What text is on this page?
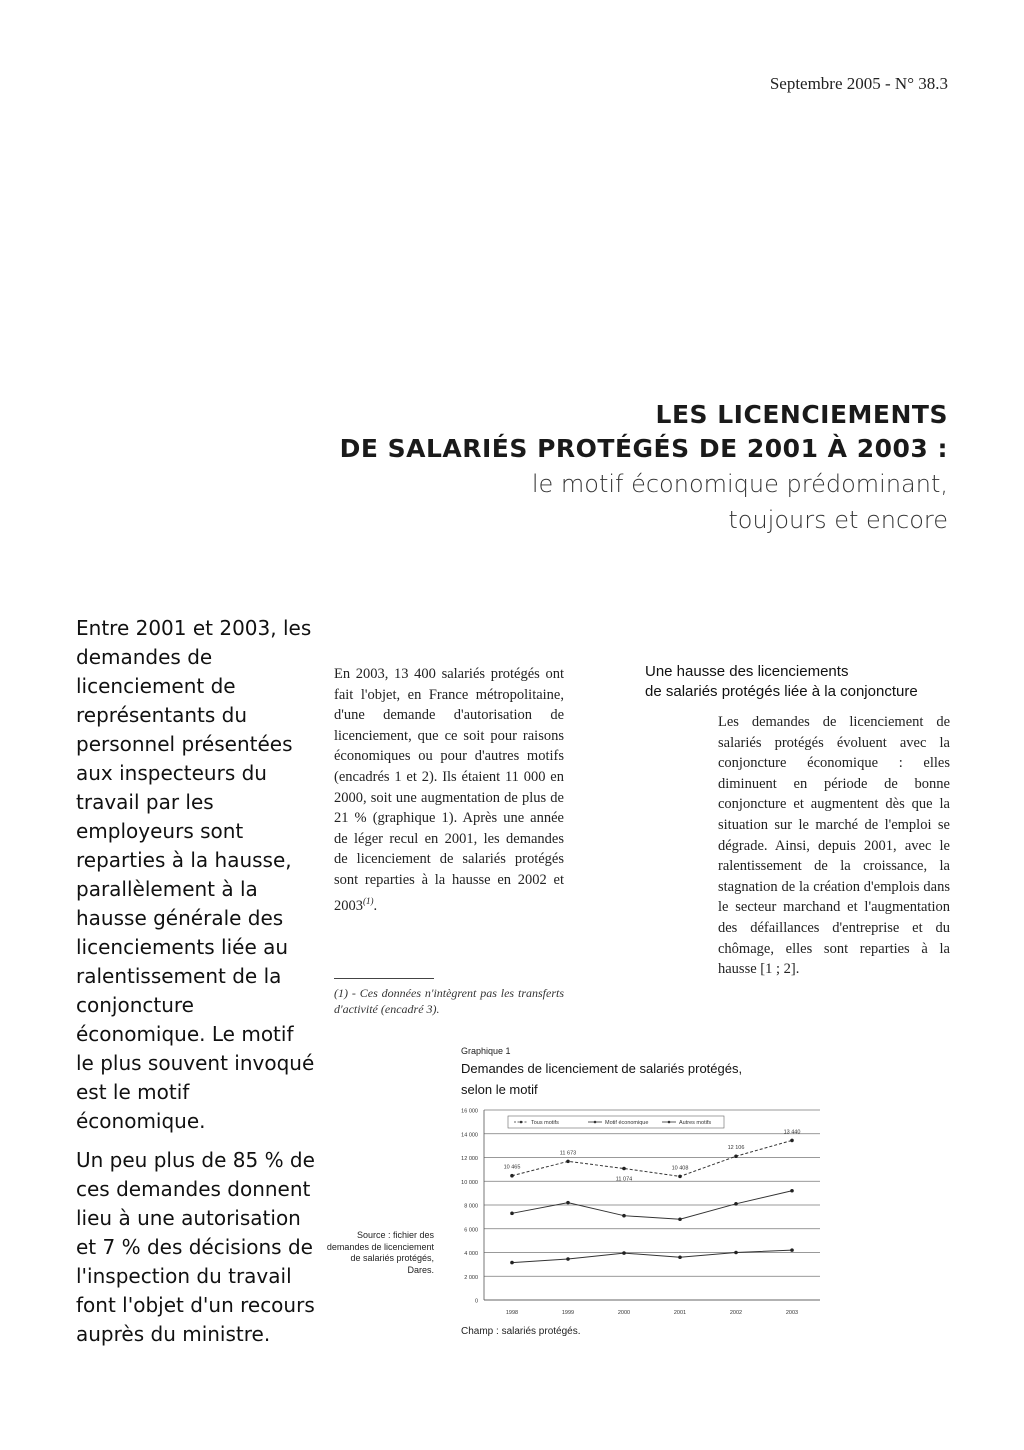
Septembre 2005 - N° 38.3
LES LICENCIEMENTS
DE SALARIÉS PROTÉGÉS DE 2001 À 2003 :
le motif économique prédominant,
toujours et encore

Entre 2001 et 2003, les demandes de licenciement de représentants du personnel présentées aux inspecteurs du travail par les employeurs sont reparties à la hausse, parallèlement à la hausse générale des licenciements liée au ralentissement de la conjoncture économique. Le motif le plus souvent invoqué est le motif économique.

Un peu plus de 85 % de ces demandes donnent lieu à une autorisation et 7 % des décisions de l'inspection du travail font l'objet d'un recours auprès du ministre.

En 2003, 13 400 salariés protégés ont fait l'objet, en France métropolitaine, d'une demande d'autorisation de licenciement, que ce soit pour raisons économiques ou pour d'autres motifs (encadrés 1 et 2). Ils étaient 11 000 en 2000, soit une augmentation de plus de 21 % (graphique 1). Après une année de léger recul en 2001, les demandes de licenciement de salariés protégés sont reparties à la hausse en 2002 et 2003$^{(1)}$.

(1) - Ces données n'intègrent pas les transferts d'activité (encadré 3).
Une hausse des licenciements
de salariés protégés liée à la conjoncture

Les demandes de licenciement de salariés protégés évoluent avec la conjoncture économique : elles diminuent en période de bonne conjoncture et augmentent dès que la situation sur le marché de l'emploi se dégrade. Ainsi, depuis 2001, avec le ralentissement de la croissance, la stagnation de la création d'emplois dans le secteur marchand et l'augmentation des défaillances d'entreprise et du chômage, elles sont reparties à la hausse [1 ; 2].

Graphique 1
Demandes de licenciement de salariés protégés,
selon le motif
Source : fichier des demandes de licenciement de salariés protégés, Dares.
0
2 000
4 000
6 000
8 000
10 000
12 000
14 000
16 000
1998	1999	2000	2001	2002	2003
Tous motifs	Motif économique	Autres motifs
10 465
11 673
11 074
10 408
12 106
13 440
Champ : salariés protégés.
